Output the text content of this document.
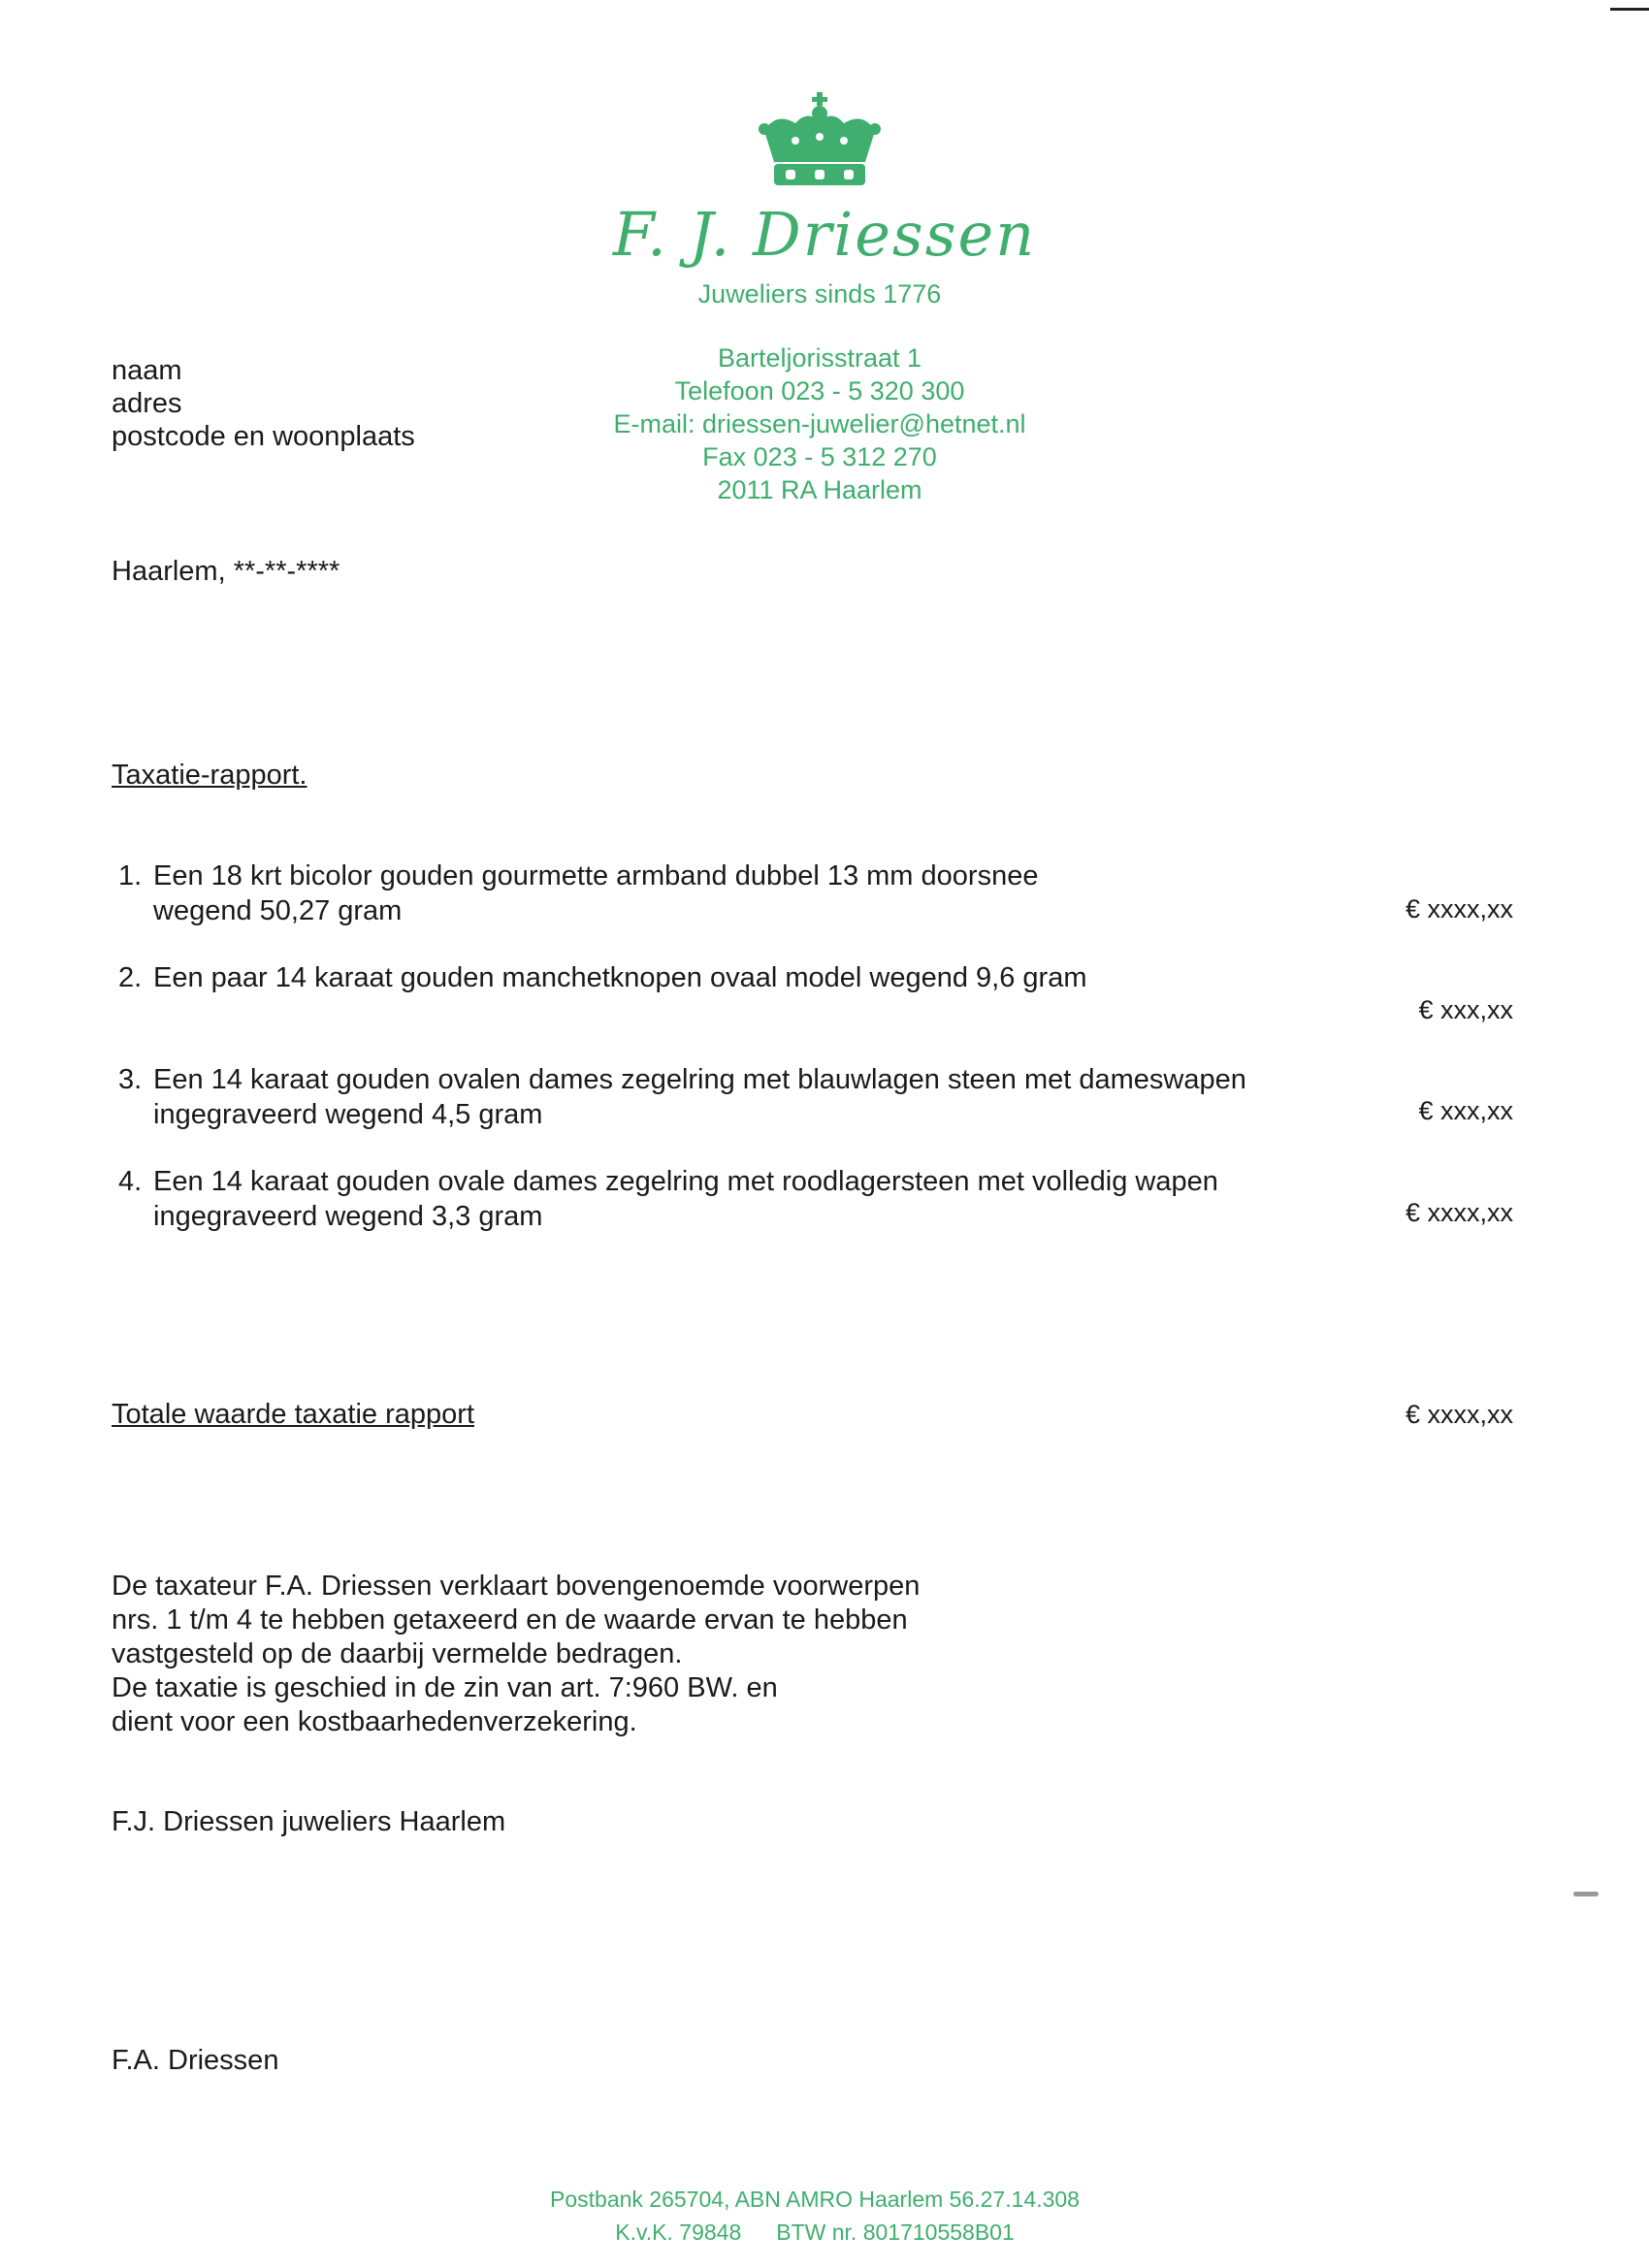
F. J. Driessen
Juweliers sinds 1776
Barteljorisstraat 1
Telefoon 023 - 5 320 300
E-mail: driessen-juwelier@hetnet.nl
Fax 023 - 5 312 270
2011 RA Haarlem
naam
adres
postcode en woonplaats
Haarlem, **-**-****
Taxatie-rapport.
1. Een 18 krt bicolor gouden gourmette armband dubbel 13 mm doorsnee
wegend 50,27 gram	€ xxxx,xx
2. Een paar 14 karaat gouden manchetknopen ovaal model wegend 9,6 gram
€ xxx,xx
3. Een 14 karaat gouden ovalen dames zegelring met blauwlagen steen met dameswapen
ingegraveerd wegend 4,5 gram	€ xxx,xx
4. Een 14 karaat gouden ovale dames zegelring met roodlagersteen met volledig wapen
ingegraveerd wegend 3,3 gram	€ xxxx,xx
Totale waarde taxatie rapport	€ xxxx,xx
De taxateur F.A. Driessen verklaart bovengenoemde voorwerpen
nrs. 1 t/m 4 te hebben getaxeerd en de waarde ervan te hebben
vastgesteld op de daarbij vermelde bedragen.
De taxatie is geschied in de zin van art. 7:960 BW. en
dient voor een kostbaarhedenverzekering.
F.J. Driessen juweliers Haarlem
F.A. Driessen
Postbank 265704, ABN AMRO Haarlem 56.27.14.308
K.v.K. 79848 BTW nr. 801710558B01
